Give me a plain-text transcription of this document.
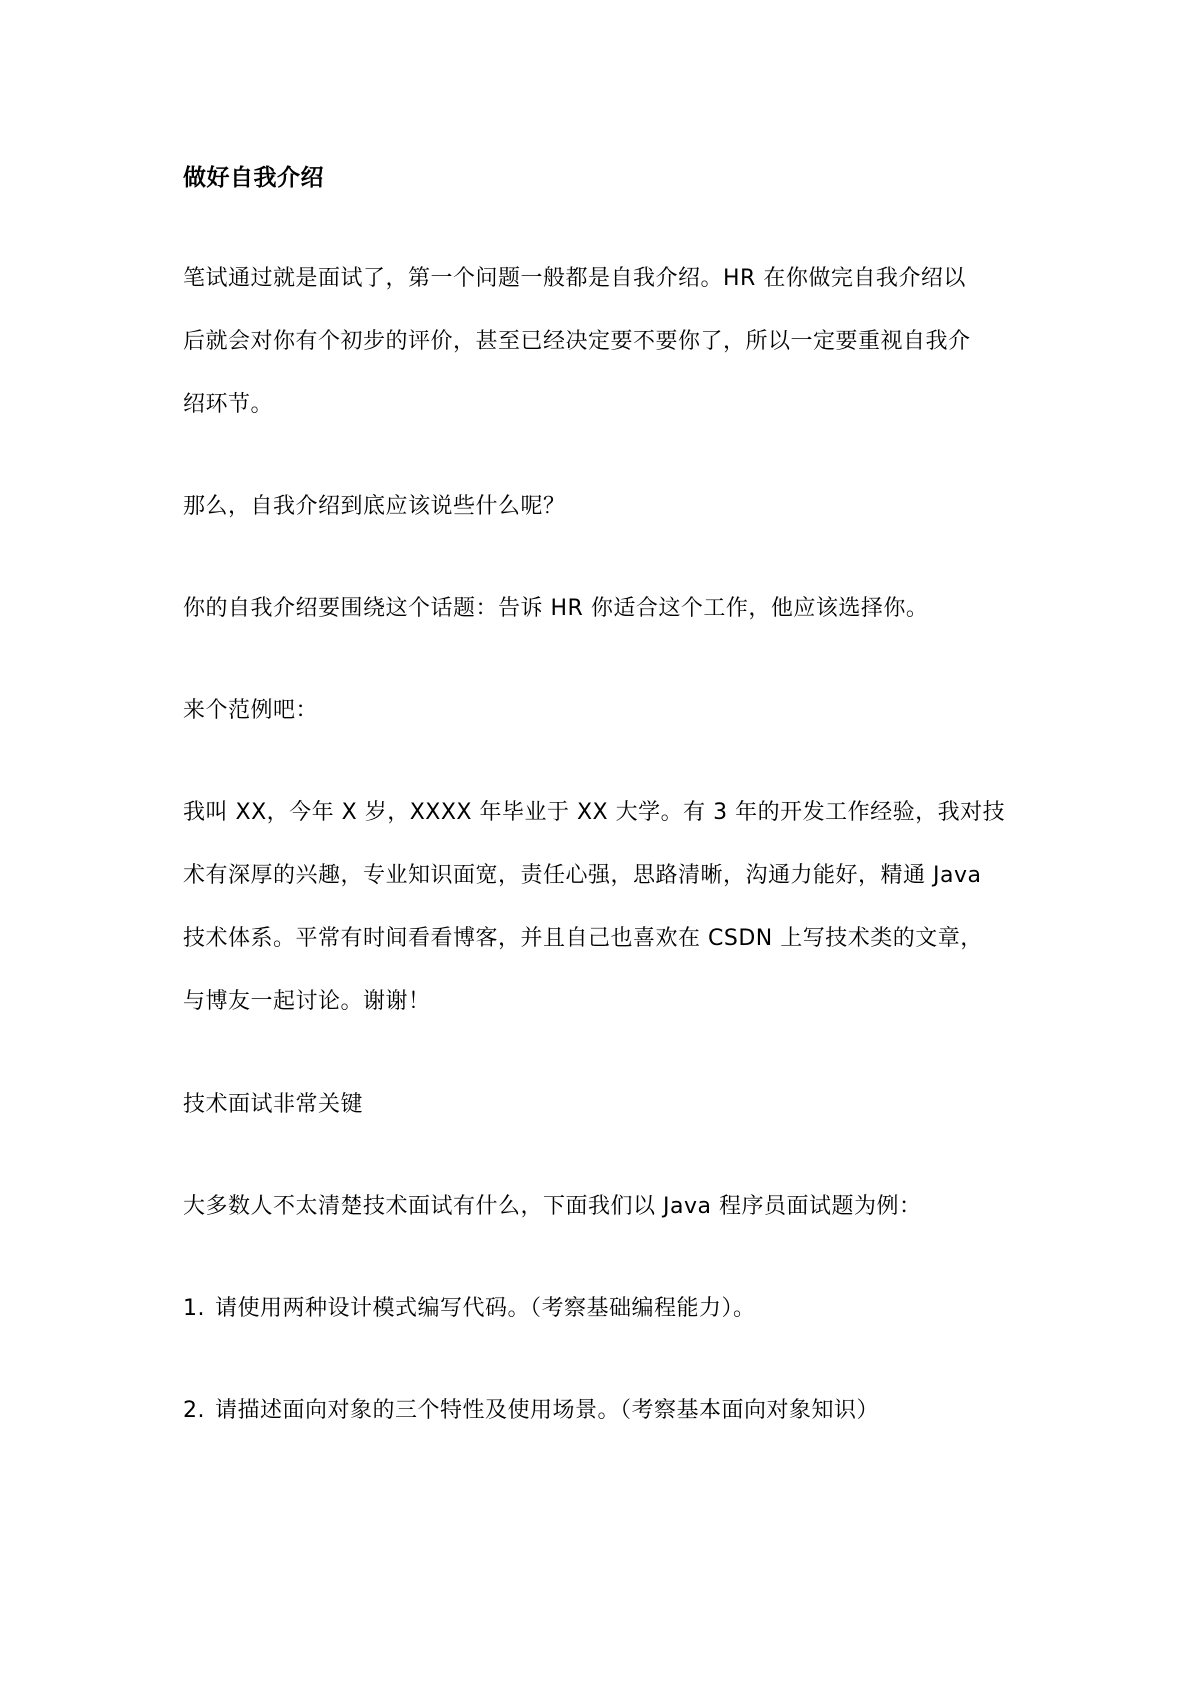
做好自我介绍
笔试通过就是面试了，第一个问题一般都是自我介绍。HR 在你做完自我介绍以
后就会对你有个初步的评价，甚至已经决定要不要你了，所以一定要重视自我介
绍环节。
那么，自我介绍到底应该说些什么呢？
你的自我介绍要围绕这个话题：告诉 HR 你适合这个工作，他应该选择你。
来个范例吧：
我叫 XX，今年 X 岁，XXXX 年毕业于 XX 大学。有 3 年的开发工作经验，我对技
术有深厚的兴趣，专业知识面宽，责任心强，思路清晰，沟通力能好，精通 Java
技术体系。平常有时间看看博客，并且自己也喜欢在 CSDN 上写技术类的文章，
与博友一起讨论。谢谢！
技术面试非常关键
大多数人不太清楚技术面试有什么，下面我们以 Java 程序员面试题为例：
1. 请使用两种设计模式编写代码。（考察基础编程能力）。
2. 请描述面向对象的三个特性及使用场景。（考察基本面向对象知识）
